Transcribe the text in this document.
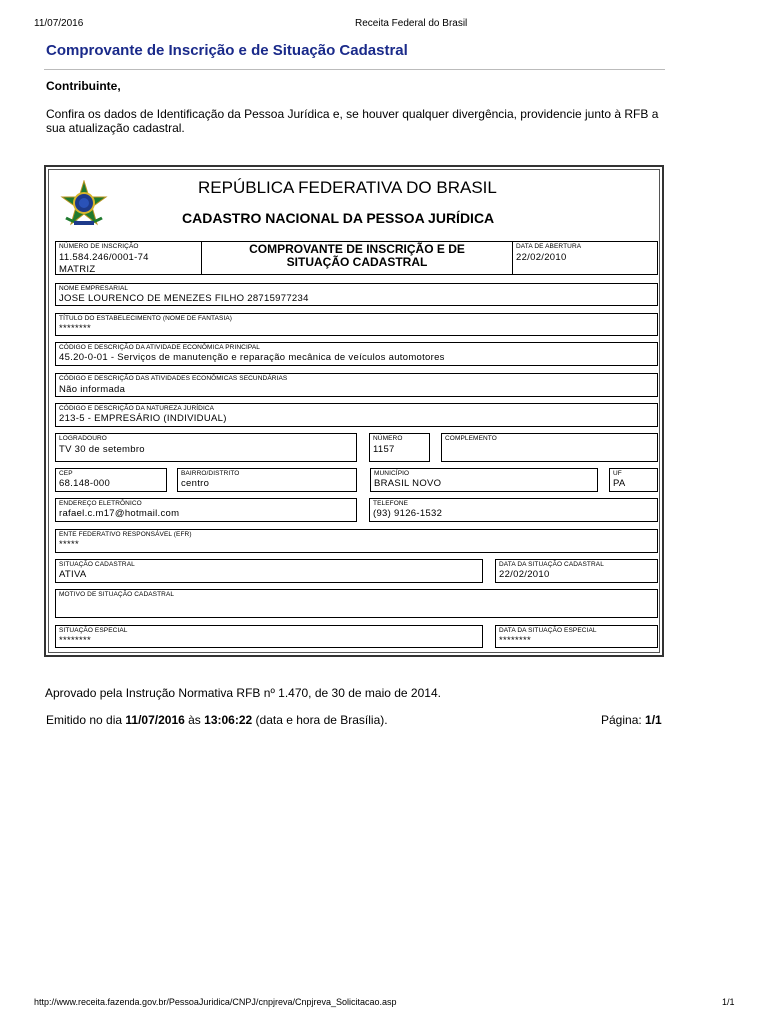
11/07/2016	Receita Federal do Brasil
Comprovante de Inscrição e de Situação Cadastral
Contribuinte,
Confira os dados de Identificação da Pessoa Jurídica e, se houver qualquer divergência, providencie junto à RFB a sua atualização cadastral.
REPÚBLICA FEDERATIVA DO BRASIL
CADASTRO NACIONAL DA PESSOA JURÍDICA
NÚMERO DE INSCRIÇÃO
11.584.246/0001-74
MATRIZ
COMPROVANTE DE INSCRIÇÃO E DE
SITUAÇÃO CADASTRAL
DATA DE ABERTURA
22/02/2010
NOME EMPRESARIAL
JOSE LOURENCO DE MENEZES FILHO 28715977234
TÍTULO DO ESTABELECIMENTO (NOME DE FANTASIA)
********
CÓDIGO E DESCRIÇÃO DA ATIVIDADE ECONÔMICA PRINCIPAL
45.20-0-01 - Serviços de manutenção e reparação mecânica de veículos automotores
CÓDIGO E DESCRIÇÃO DAS ATIVIDADES ECONÔMICAS SECUNDÁRIAS
Não informada
CÓDIGO E DESCRIÇÃO DA NATUREZA JURÍDICA
213-5 - EMPRESÁRIO (INDIVIDUAL)
LOGRADOURO
TV 30 de setembro
NÚMERO
1157
COMPLEMENTO
CEP
68.148-000
BAIRRO/DISTRITO
centro
MUNICÍPIO
BRASIL NOVO
UF
PA
ENDEREÇO ELETRÔNICO
rafael.c.m17@hotmail.com
TELEFONE
(93) 9126-1532
ENTE FEDERATIVO RESPONSÁVEL (EFR)
*****
SITUAÇÃO CADASTRAL
ATIVA
DATA DA SITUAÇÃO CADASTRAL
22/02/2010
MOTIVO DE SITUAÇÃO CADASTRAL
SITUAÇÃO ESPECIAL
********
DATA DA SITUAÇÃO ESPECIAL
********
Aprovado pela Instrução Normativa RFB nº 1.470, de 30 de maio de 2014.
Emitido no dia 11/07/2016 às 13:06:22 (data e hora de Brasília).	Página: 1/1
http://www.receita.fazenda.gov.br/PessoaJuridica/CNPJ/cnpjreva/Cnpjreva_Solicitacao.asp	1/1
